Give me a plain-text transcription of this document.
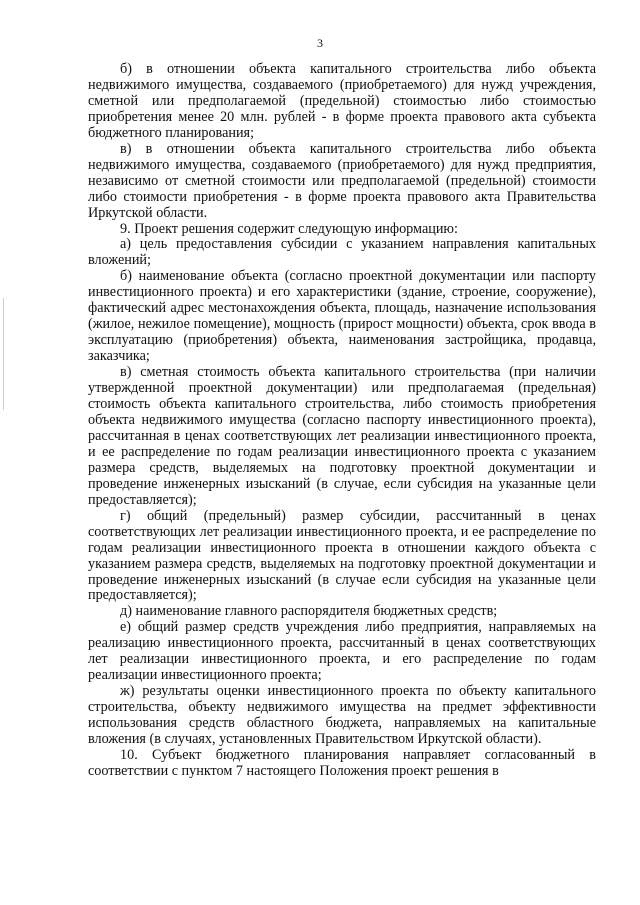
3

б) в отношении объекта капитального строительства либо объекта недвижимого имущества, создаваемого (приобретаемого) для нужд учреждения, сметной или предполагаемой (предельной) стоимостью либо стоимостью приобретения менее 20 млн. рублей - в форме проекта правового акта субъекта бюджетного планирования;

в) в отношении объекта капитального строительства либо объекта недвижимого имущества, создаваемого (приобретаемого) для нужд предприятия, независимо от сметной стоимости или предполагаемой (предельной) стоимости либо стоимости приобретения - в форме проекта правового акта Правительства Иркутской области.

9. Проект решения содержит следующую информацию:

а) цель предоставления субсидии с указанием направления капитальных вложений;

б) наименование объекта (согласно проектной документации или паспорту инвестиционного проекта) и его характеристики (здание, строение, сооружение), фактический адрес местонахождения объекта, площадь, назначение использования (жилое, нежилое помещение), мощность (прирост мощности) объекта, срок ввода в эксплуатацию (приобретения) объекта, наименования застройщика, продавца, заказчика;

в) сметная стоимость объекта капитального строительства (при наличии утвержденной проектной документации) или предполагаемая (предельная) стоимость объекта капитального строительства, либо стоимость приобретения объекта недвижимого имущества (согласно паспорту инвестиционного проекта), рассчитанная в ценах соответствующих лет реализации инвестиционного проекта, и ее распределение по годам реализации инвестиционного проекта с указанием размера средств, выделяемых на подготовку проектной документации и проведение инженерных изысканий (в случае, если субсидия на указанные цели предоставляется);

г) общий (предельный) размер субсидии, рассчитанный в ценах соответствующих лет реализации инвестиционного проекта, и ее распределение по годам реализации инвестиционного проекта в отношении каждого объекта с указанием размера средств, выделяемых на подготовку проектной документации и проведение инженерных изысканий (в случае если субсидия на указанные цели предоставляется);

д) наименование главного распорядителя бюджетных средств;

е) общий размер средств учреждения либо предприятия, направляемых на реализацию инвестиционного проекта, рассчитанный в ценах соответствующих лет реализации инвестиционного проекта, и его распределение по годам реализации инвестиционного проекта;

ж) результаты оценки инвестиционного проекта по объекту капитального строительства, объекту недвижимого имущества на предмет эффективности использования средств областного бюджета, направляемых на капитальные вложения (в случаях, установленных Правительством Иркутской области).

10. Субъект бюджетного планирования направляет согласованный в соответствии с пунктом 7 настоящего Положения проект решения в
